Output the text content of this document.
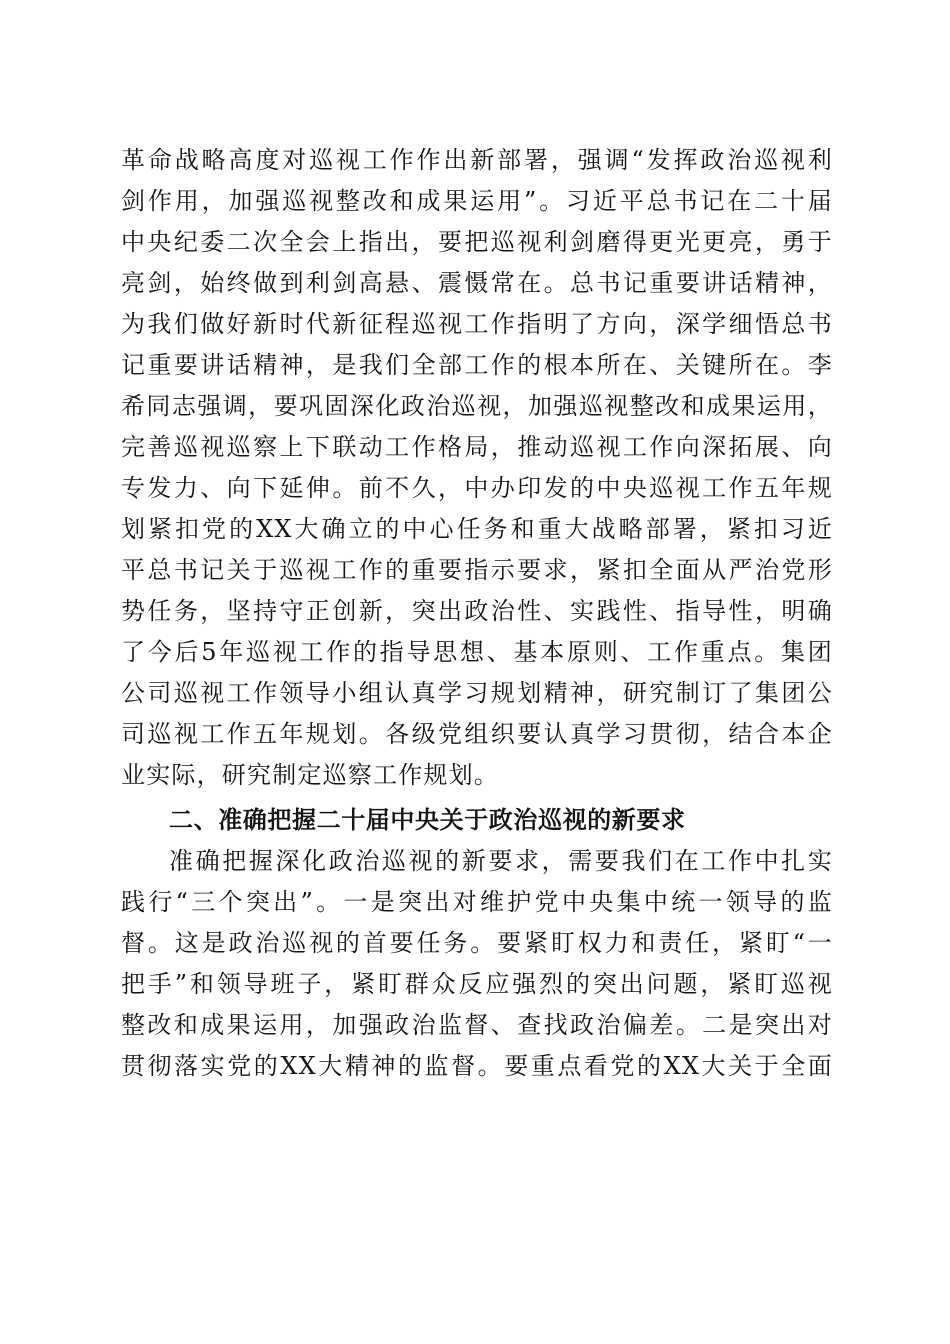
革命战略高度对巡视工作作出新部署，强调“发挥政治巡视利
剑作用，加强巡视整改和成果运用”。习近平总书记在二十届
中央纪委二次全会上指出，要把巡视利剑磨得更光更亮，勇于
亮剑，始终做到利剑高悬、震慑常在。总书记重要讲话精神，
为我们做好新时代新征程巡视工作指明了方向，深学细悟总书
记重要讲话精神，是我们全部工作的根本所在、关键所在。李
希同志强调，要巩固深化政治巡视，加强巡视整改和成果运用，
完善巡视巡察上下联动工作格局，推动巡视工作向深拓展、向
专发力、向下延伸。前不久，中办印发的中央巡视工作五年规
划紧扣党的XX大确立的中心任务和重大战略部署，紧扣习近
平总书记关于巡视工作的重要指示要求，紧扣全面从严治党形
势任务，坚持守正创新，突出政治性、实践性、指导性，明确
了今后5年巡视工作的指导思想、基本原则、工作重点。集团
公司巡视工作领导小组认真学习规划精神，研究制订了集团公
司巡视工作五年规划。各级党组织要认真学习贯彻，结合本企
业实际，研究制定巡察工作规划。
二、准确把握二十届中央关于政治巡视的新要求
准确把握深化政治巡视的新要求，需要我们在工作中扎实
践行“三个突出”。一是突出对维护党中央集中统一领导的监
督。这是政治巡视的首要任务。要紧盯权力和责任，紧盯“一
把手”和领导班子，紧盯群众反应强烈的突出问题，紧盯巡视
整改和成果运用，加强政治监督、查找政治偏差。二是突出对
贯彻落实党的XX大精神的监督。要重点看党的XX大关于全面
